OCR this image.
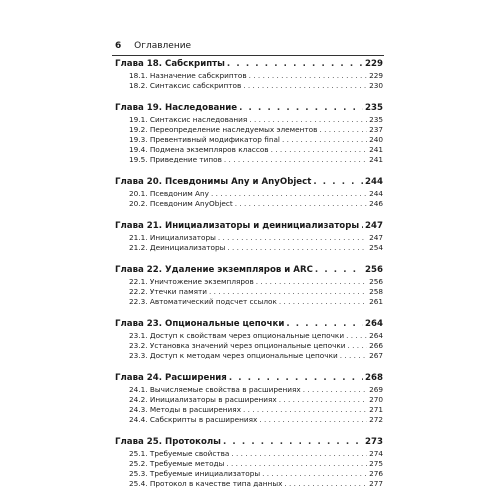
6 Оглавление
Глава 18. Сабскрипты . . .	229
18.1. Назначение сабскриптов . . .	229
18.2. Синтаксис сабскриптов . . .	230
Глава 19. Наследование . . .	235
19.1. Синтаксис наследования . . .	235
19.2. Переопределение наследуемых элементов . . .	237
19.3. Превентивный модификатор final . . .	240
19.4. Подмена экземпляров классов . . .	241
19.5. Приведение типов . . .	241
Глава 20. Псевдонимы Any и AnyObject . . .	244
20.1. Псевдоним Any . . .	244
20.2. Псевдоним AnyObject . . .	246
Глава 21. Инициализаторы и деинициализаторы . . . 247
21.1. Инициализаторы . . .	247
21.2. Деинициализаторы . . .	254
Глава 22. Удаление экземпляров и ARC . . .	256
22.1. Уничтожение экземпляров . . .	256
22.2. Утечки памяти . . .	258
22.3. Автоматический подсчет ссылок . . .	261
Глава 23. Опциональные цепочки . . .	264
23.1. Доступ к свойствам через опциональные цепочки . . .	264
23.2. Установка значений через опциональные цепочки . . .	266
23.3. Доступ к методам через опциональные цепочки . . .	267
Глава 24. Расширения . . .	268
24.1. Вычисляемые свойства в расширениях . . .	269
24.2. Инициализаторы в расширениях . . .	270
24.3. Методы в расширениях . . .	271
24.4. Сабскрипты в расширениях . . .	272
Глава 25. Протоколы . . .	273
25.1. Требуемые свойства . . .	274
25.2. Требуемые методы . . .	275
25.3. Требуемые инициализаторы . . .	276
25.4. Протокол в качестве типа данных . . .	277
